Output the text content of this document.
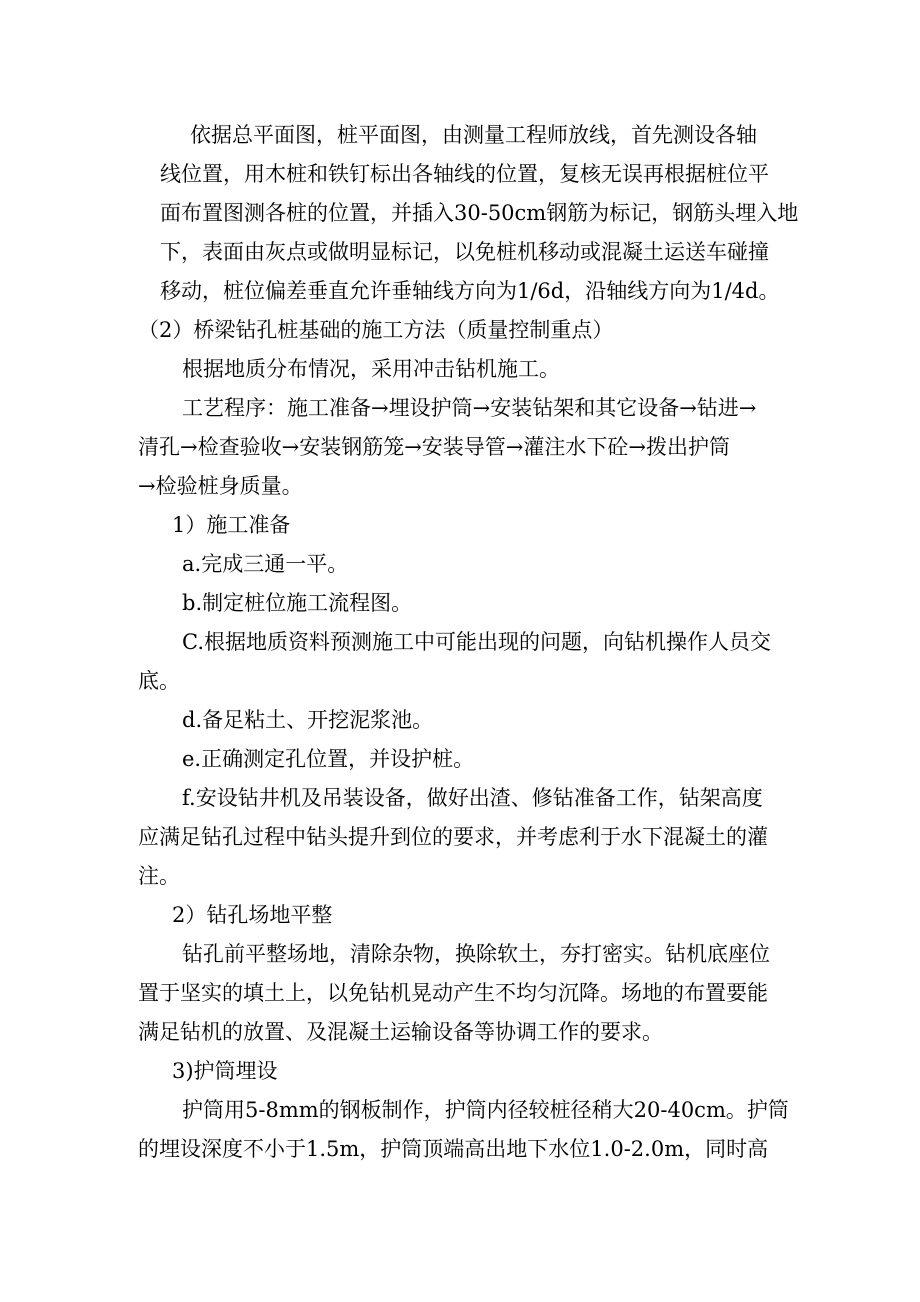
依据总平面图，桩平面图，由测量工程师放线，首先测设各轴

线位置，用木桩和铁钉标出各轴线的位置，复核无误再根据桩位平

面布置图测各桩的位置，并插入30-50cm钢筋为标记，钢筋头埋入地

下，表面由灰点或做明显标记，以免桩机移动或混凝土运送车碰撞

移动，桩位偏差垂直允许垂轴线方向为1/6d，沿轴线方向为1/4d。

（2）桥梁钻孔桩基础的施工方法（质量控制重点）

根据地质分布情况，采用冲击钻机施工。

工艺程序：施工准备→埋设护筒→安装钻架和其它设备→钻进→

清孔→检查验收→安装钢筋笼→安装导管→灌注水下砼→拨出护筒

→检验桩身质量。

1）施工准备

a.完成三通一平。

b.制定桩位施工流程图。

C.根据地质资料预测施工中可能出现的问题，向钻机操作人员交

底。

d.备足粘土、开挖泥浆池。

e.正确测定孔位置，并设护桩。

f.安设钻井机及吊装设备，做好出渣、修钻准备工作，钻架高度

应满足钻孔过程中钻头提升到位的要求，并考虑利于水下混凝土的灌

注。

2）钻孔场地平整

钻孔前平整场地，清除杂物，换除软土，夯打密实。钻机底座位

置于坚实的填土上，以免钻机晃动产生不均匀沉降。场地的布置要能

满足钻机的放置、及混凝土运输设备等协调工作的要求。

3)护筒埋设

护筒用5-8mm的钢板制作，护筒内径较桩径稍大20-40cm。护筒

的埋设深度不小于1.5m，护筒顶端高出地下水位1.0-2.0m，同时高
